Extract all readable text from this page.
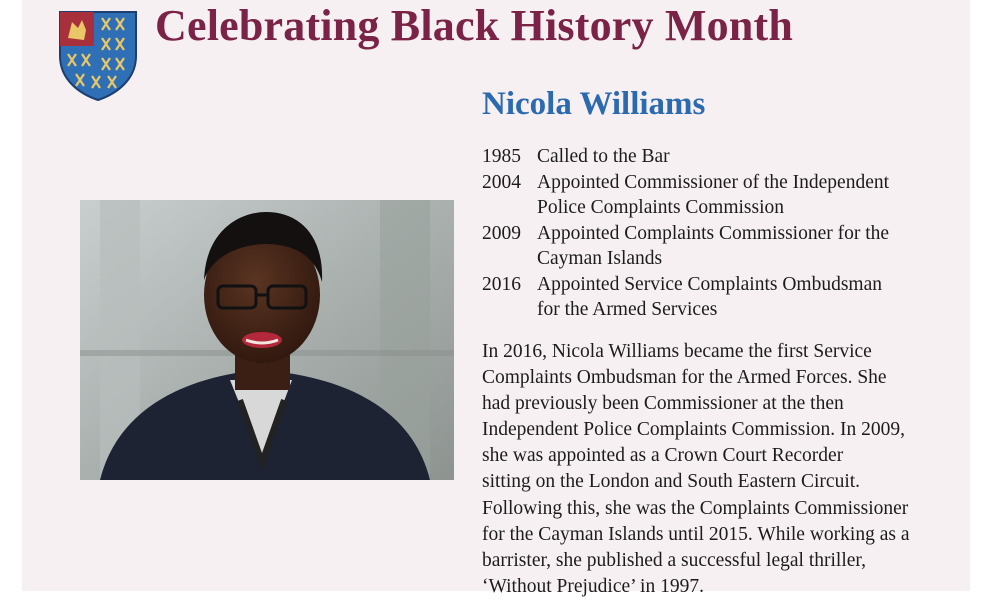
Celebrating Black History Month
Nicola Williams
1985 Called to the Bar
2004 Appointed Commissioner of the Independent
Police Complaints Commission
2009 Appointed Complaints Commissioner for the
Cayman Islands
2016 Appointed Service Complaints Ombudsman
for the Armed Services
In 2016, Nicola Williams became the first Service
Complaints Ombudsman for the Armed Forces. She
had previously been Commissioner at the then
Independent Police Complaints Commission. In 2009,
she was appointed as a Crown Court Recorder
sitting on the London and South Eastern Circuit.
Following this, she was the Complaints Commissioner
for the Cayman Islands until 2015. While working as a
barrister, she published a successful legal thriller,
‘Without Prejudice’ in 1997.
